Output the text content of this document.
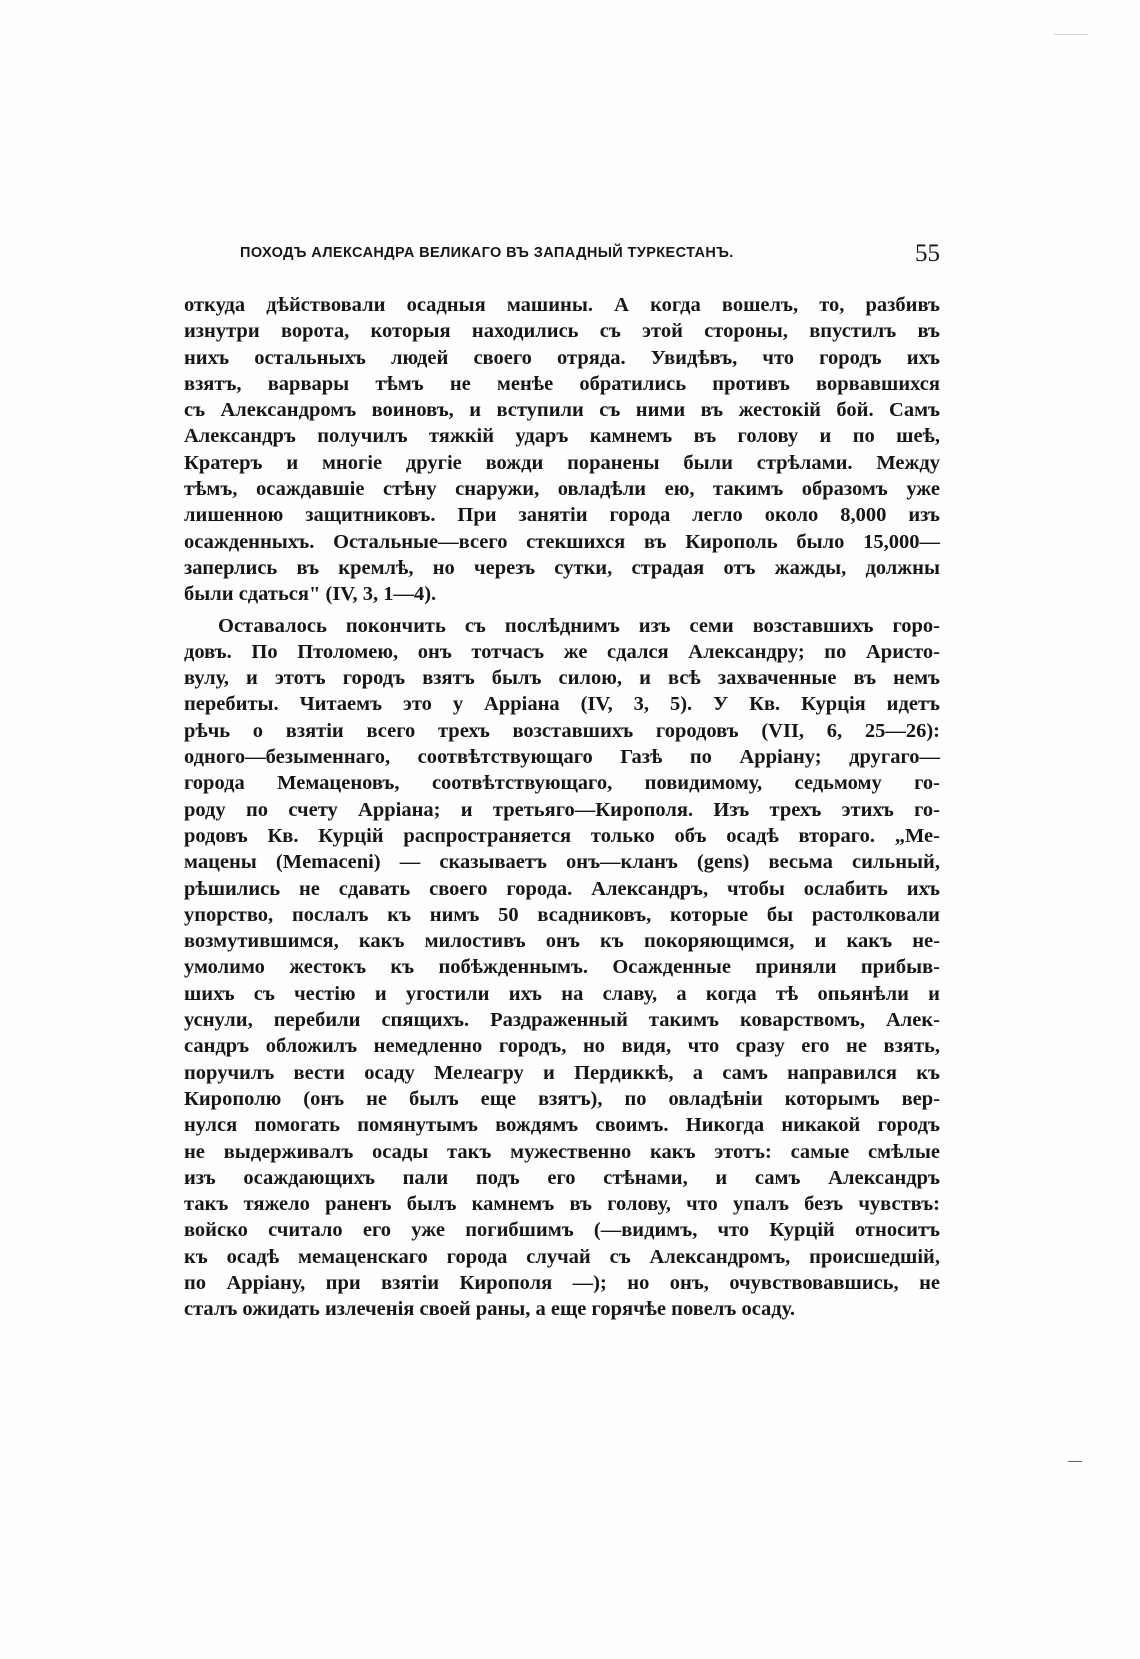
ПОХОДЪ АЛЕКСАНДРА ВЕЛИКАГО ВЪ ЗАПАДНЫЙ ТУРКЕСТАНЪ.	55
откуда дѣйствовали осадныя машины. А когда вошелъ, то, разбивъ
изнутри ворота, которыя находились съ этой стороны, впустилъ въ
нихъ остальныхъ людей своего отряда. Увидѣвъ, что городъ ихъ
взятъ, варвары тѣмъ не менѣе обратились противъ ворвавшихся
съ Александромъ воиновъ, и вступили съ ними въ жестокій бой. Самъ
Александръ получилъ тяжкій ударъ камнемъ въ голову и по шеѣ,
Кратеръ и многіе другіе вожди поранены были стрѣлами. Между
тѣмъ, осаждавшіе стѣну снаружи, овладѣли ею, такимъ образомъ уже
лишенною защитниковъ. При занятіи города легло около 8,000 изъ
осажденныхъ. Остальные—всего стекшихся въ Кирополь было 15,000—
заперлись въ кремлѣ, но черезъ сутки, страдая отъ жажды, должны
были сдаться" (IV, 3, 1—4).
Оставалось покончить съ послѣднимъ изъ семи возставшихъ горо-
довъ. По Птоломею, онъ тотчасъ же сдался Александру; по Аристо-
вулу, и этотъ городъ взятъ былъ силою, и всѣ захваченные въ немъ
перебиты. Читаемъ это у Арріана (IV, 3, 5). У Кв. Курція идетъ
рѣчь о взятіи всего трехъ возставшихъ городовъ (VII, 6, 25—26):
одного—безыменнаго, соотвѣтствующаго Газѣ по Арріану; другаго—
города Мемаценовъ, соотвѣтствующаго, повидимому, седьмому го-
роду по счету Арріана; и третьяго—Кирополя. Изъ трехъ этихъ го-
родовъ Кв. Курцій распространяется только объ осадѣ втораго. „Ме-
мацены (Memaceni) — сказываетъ онъ—кланъ (gens) весьма сильный,
рѣшились не сдавать своего города. Александръ, чтобы ослабить ихъ
упорство, послалъ къ нимъ 50 всадниковъ, которые бы растолковали
возмутившимся, какъ милостивъ онъ къ покоряющимся, и какъ не-
умолимо жестокъ къ побѣжденнымъ. Осажденные приняли прибыв-
шихъ съ честію и угостили ихъ на славу, а когда тѣ опьянѣли и
уснули, перебили спящихъ. Раздраженный такимъ коварствомъ, Алек-
сандръ обложилъ немедленно городъ, но видя, что сразу его не взять,
поручилъ вести осаду Мелеагру и Пердиккѣ, а самъ направился къ
Кирополю (онъ не былъ еще взятъ), по овладѣніи которымъ вер-
нулся помогать помянутымъ вождямъ своимъ. Никогда никакой городъ
не выдерживалъ осады такъ мужественно какъ этотъ: самые смѣлые
изъ осаждающихъ пали подъ его стѣнами, и самъ Александръ
такъ тяжело раненъ былъ камнемъ въ голову, что упалъ безъ чувствъ:
войско считало его уже погибшимъ (—видимъ, что Курцій относитъ
къ осадѣ мемаценскаго города случай съ Александромъ, происшедшій,
по Арріану, при взятіи Кирополя —); но онъ, очувствовавшись, не
сталъ ожидать излеченія своей раны, а еще горячѣе повелъ осаду.
—
